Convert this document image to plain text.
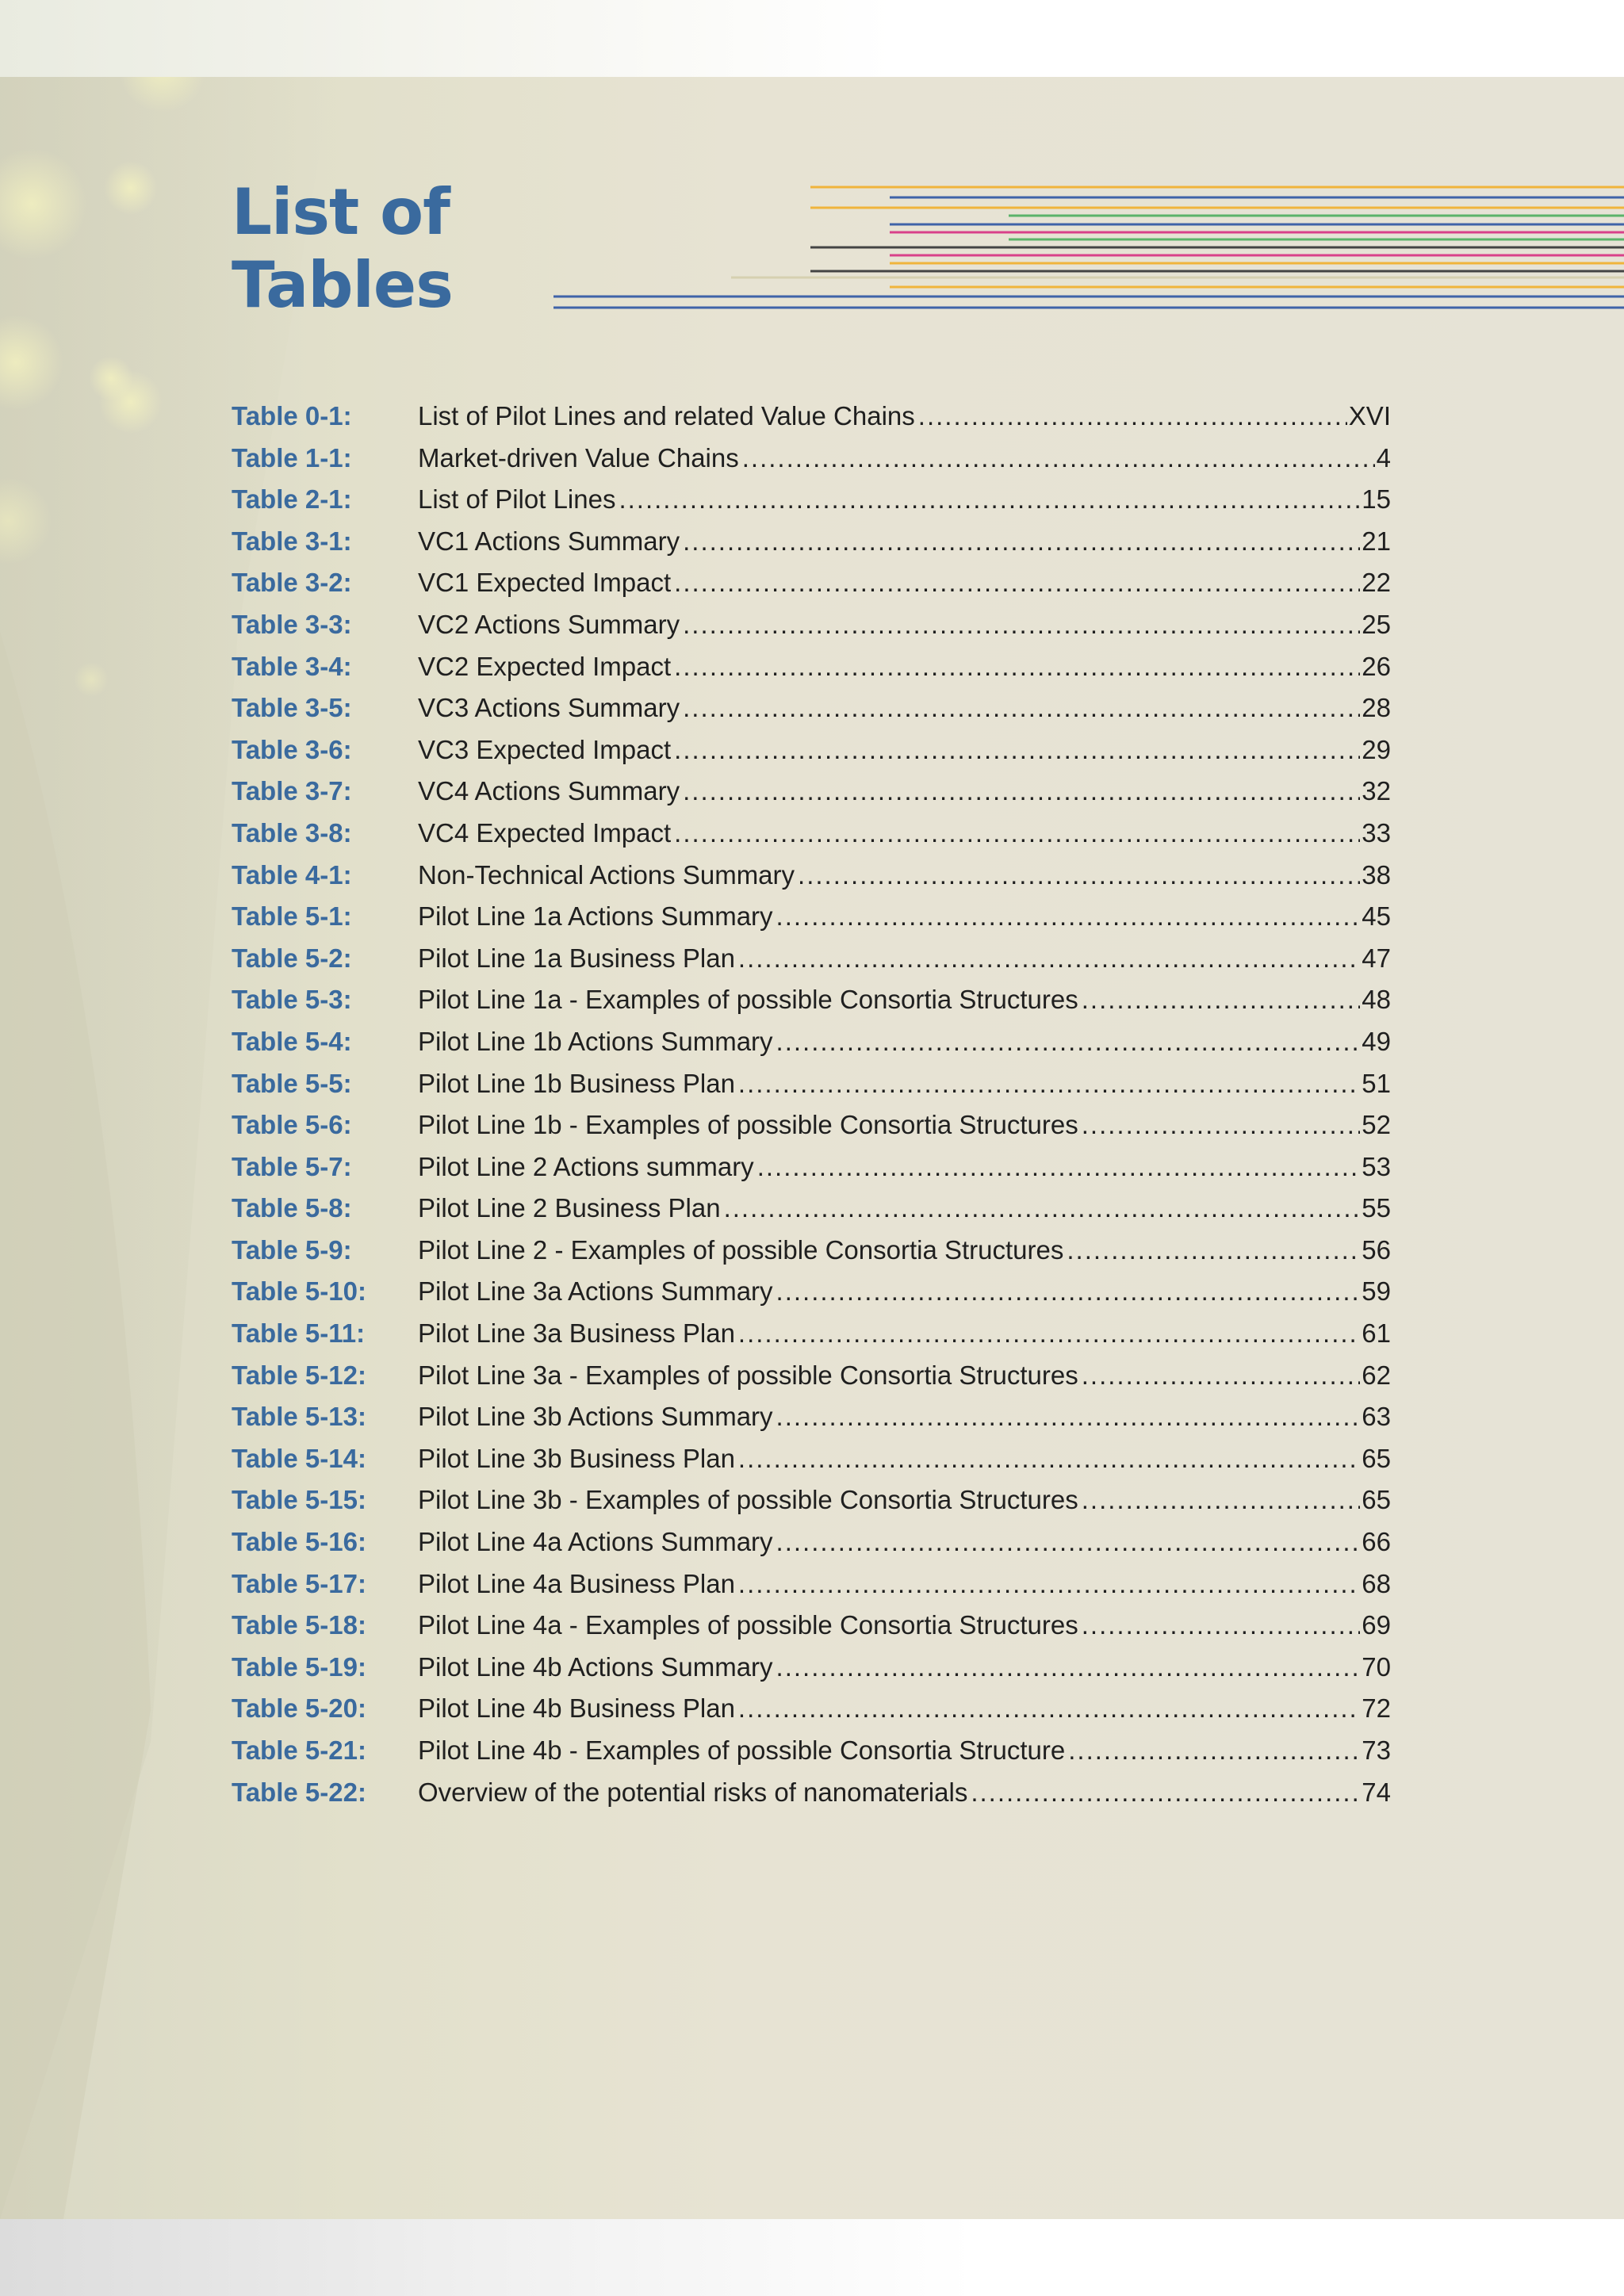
List of
Tables
Table 0-1:	List of Pilot Lines and related Value Chains .....	XVI
Table 1-1:	Market-driven Value Chains .....	4
Table 2-1:	List of Pilot Lines .....	15
Table 3-1:	VC1 Actions Summary .....	21
Table 3-2:	VC1 Expected Impact .....	22
Table 3-3:	VC2 Actions Summary .....	25
Table 3-4:	VC2 Expected Impact .....	26
Table 3-5:	VC3 Actions Summary .....	28
Table 3-6:	VC3 Expected Impact .....	29
Table 3-7:	VC4 Actions Summary .....	32
Table 3-8:	VC4 Expected Impact .....	33
Table 4-1:	Non-Technical Actions Summary .....	38
Table 5-1:	Pilot Line 1a Actions Summary .....	45
Table 5-2:	Pilot Line 1a Business Plan .....	47
Table 5-3:	Pilot Line 1a - Examples of possible Consortia Structures .....	48
Table 5-4:	Pilot Line 1b Actions Summary .....	49
Table 5-5:	Pilot Line 1b Business Plan .....	51
Table 5-6:	Pilot Line 1b - Examples of possible Consortia Structures .....	52
Table 5-7:	Pilot Line 2 Actions summary .....	53
Table 5-8:	Pilot Line 2 Business Plan .....	55
Table 5-9:	Pilot Line 2 - Examples of possible Consortia Structures .....	56
Table 5-10:	Pilot Line 3a Actions Summary .....	59
Table 5-11:	Pilot Line 3a Business Plan .....	61
Table 5-12:	Pilot Line 3a - Examples of possible Consortia Structures .....	62
Table 5-13:	Pilot Line 3b Actions Summary .....	63
Table 5-14:	Pilot Line 3b Business Plan .....	65
Table 5-15:	Pilot Line 3b - Examples of possible Consortia Structures .....	65
Table 5-16:	Pilot Line 4a Actions Summary .....	66
Table 5-17:	Pilot Line 4a Business Plan .....	68
Table 5-18:	Pilot Line 4a - Examples of possible Consortia Structures .....	69
Table 5-19:	Pilot Line 4b Actions Summary .....	70
Table 5-20:	Pilot Line 4b Business Plan .....	72
Table 5-21:	Pilot Line 4b - Examples of possible Consortia Structure .....	73
Table 5-22:	Overview of the potential risks of nanomaterials .....	74
